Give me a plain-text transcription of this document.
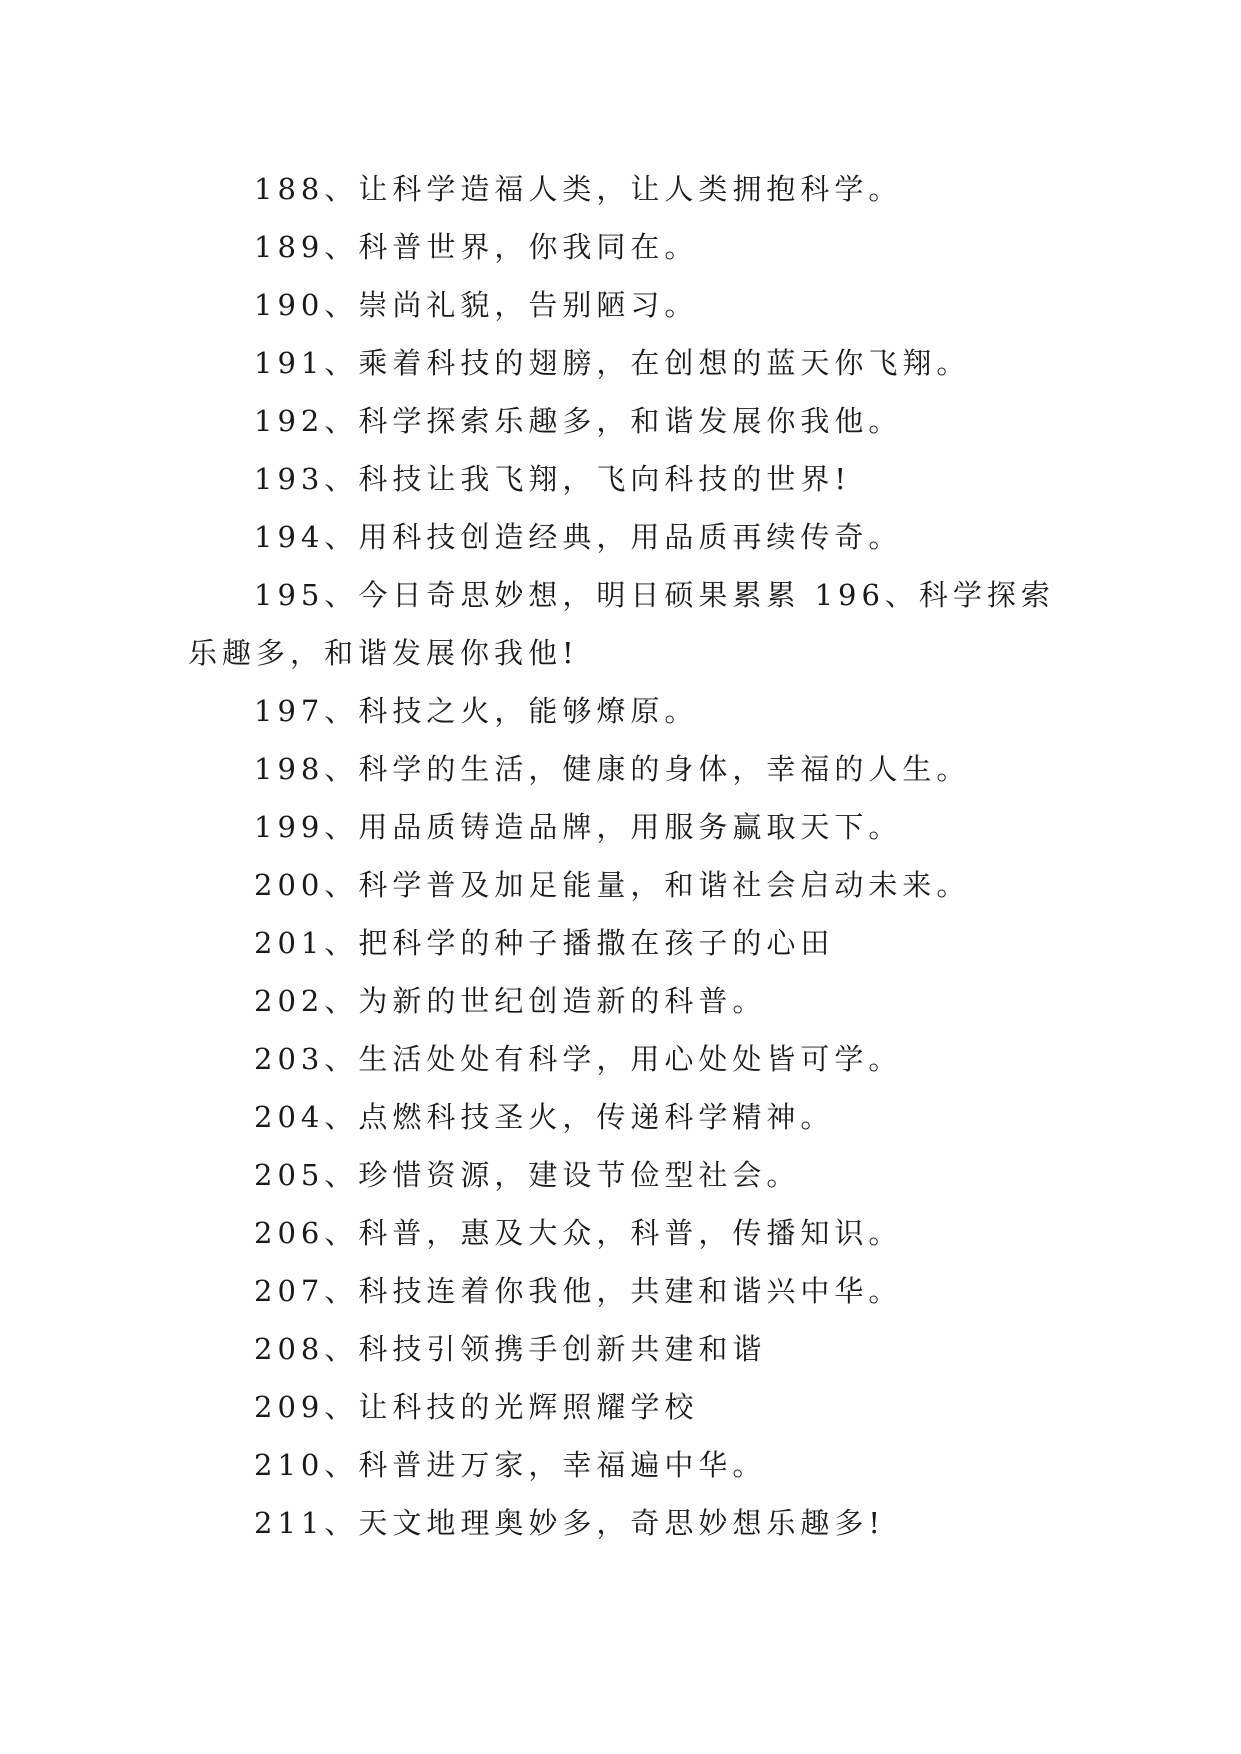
188、让科学造福人类，让人类拥抱科学。

189、科普世界，你我同在。

190、崇尚礼貌，告别陋习。

191、乘着科技的翅膀，在创想的蓝天你飞翔。

192、科学探索乐趣多，和谐发展你我他。

193、科技让我飞翔，飞向科技的世界!

194、用科技创造经典，用品质再续传奇。

195、今日奇思妙想，明日硕果累累 196、科学探索乐趣多，和谐发展你我他!

197、科技之火，能够燎原。

198、科学的生活，健康的身体，幸福的人生。

199、用品质铸造品牌，用服务赢取天下。

200、科学普及加足能量，和谐社会启动未来。

201、把科学的种子播撒在孩子的心田

202、为新的世纪创造新的科普。

203、生活处处有科学，用心处处皆可学。

204、点燃科技圣火，传递科学精神。

205、珍惜资源，建设节俭型社会。

206、科普，惠及大众，科普，传播知识。

207、科技连着你我他，共建和谐兴中华。

208、科技引领携手创新共建和谐

209、让科技的光辉照耀学校

210、科普进万家，幸福遍中华。

211、天文地理奥妙多，奇思妙想乐趣多!
